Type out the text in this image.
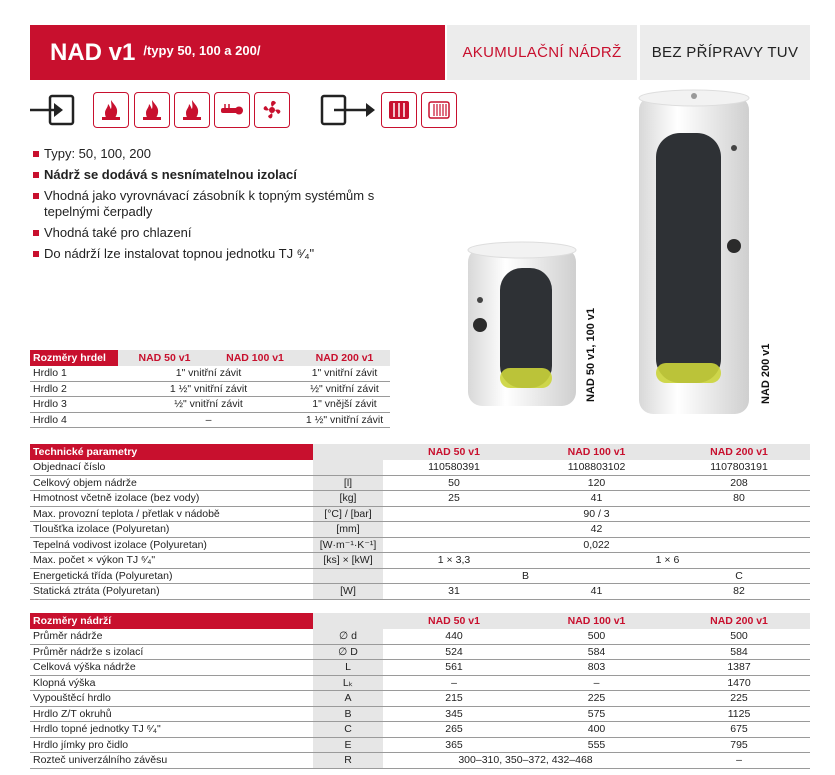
NAD v1 /typy 50, 100 a 200/	AKUMULAČNÍ NÁDRŽ	BEZ PŘÍPRAVY TUV
Typy: 50, 100, 200
Nádrž se dodává s nesnímatelnou izolací
Vhodná jako vyrovnávací zásobník k topným systémům s tepelnými čerpadly
Vhodná také pro chlazení
Do nádrží lze instalovat topnou jednotku TJ ⁶⁄₄"
NAD 50 v1, 100 v1	NAD 200 v1
Rozměry hrdel	NAD 50 v1	NAD 100 v1	NAD 200 v1
Hrdlo 1	1" vnitřní závit		1" vnitřní závit
Hrdlo 2	1 ½" vnitřní závit		½" vnitřní závit
Hrdlo 3	½" vnitřní závit		1" vnější závit
Hrdlo 4	–		1 ½" vnitřní závit
Technické parametry		NAD 50 v1	NAD 100 v1	NAD 200 v1
Objednací číslo		110580391	1108803102	1107803191
Celkový objem nádrže	[l]	50	120	208
Hmotnost včetně izolace (bez vody)	[kg]	25	41	80
Max. provozní teplota / přetlak v nádobě	[°C] / [bar]	90 / 3		
Tloušťka izolace (Polyuretan)	[mm]	42		
Tepelná vodivost izolace (Polyuretan)	[W·m⁻¹·K⁻¹]	0,022		
Max. počet × výkon TJ ⁶⁄₄"	[ks] × [kW]	1 × 3,3	1 × 6	
Energetická třída (Polyuretan)		B		C
Statická ztráta (Polyuretan)	[W]	31	41	82
Rozměry nádrží		NAD 50 v1	NAD 100 v1	NAD 200 v1
Průměr nádrže	∅ d	440	500	500
Průměr nádrže s izolací	∅ D	524	584	584
Celková výška nádrže	L	561	803	1387
Klopná výška	Lₖ	–	–	1470
Vypouštěcí hrdlo	A	215	225	225
Hrdlo Z/T okruhů	B	345	575	1125
Hrdlo topné jednotky TJ ⁶⁄₄"	C	265	400	675
Hrdlo jímky pro čidlo	E	365	555	795
Rozteč univerzálního závěsu	R	300–310, 350–372, 432–468		–
